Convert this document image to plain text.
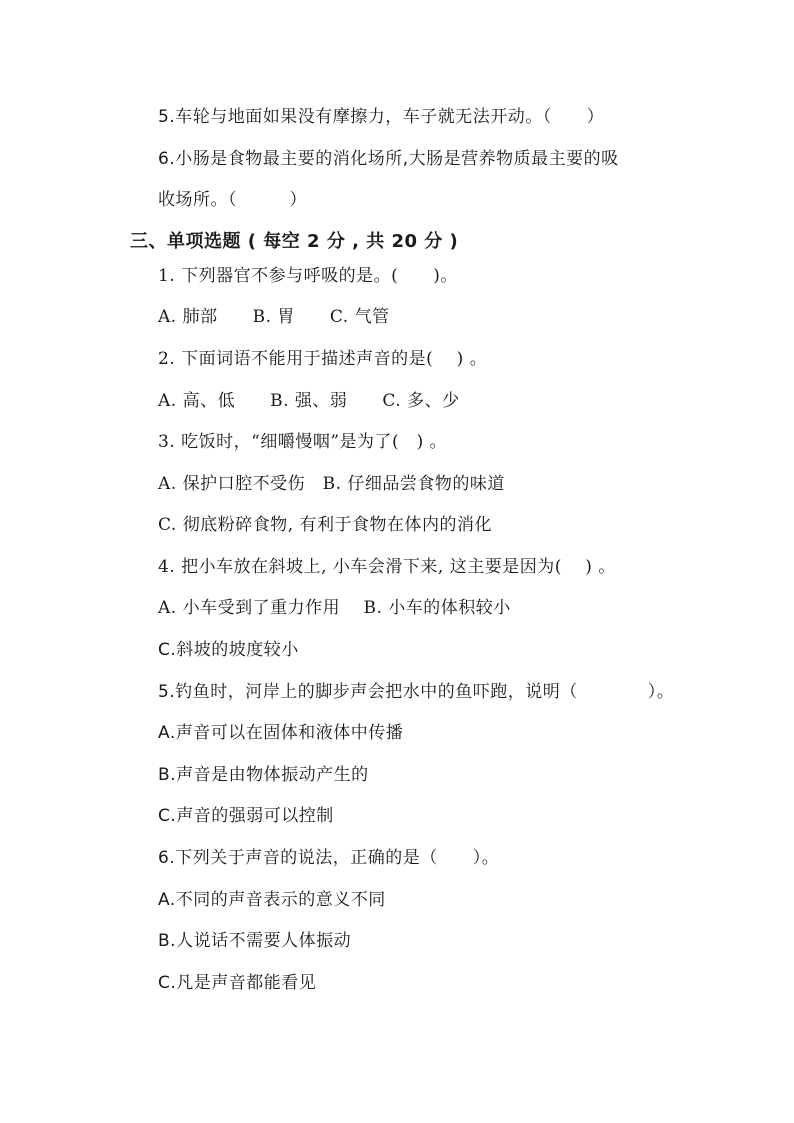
5.车轮与地面如果没有摩擦力，车子就无法开动。（　　）
6.小肠是食物最主要的消化场所,大肠是营养物质最主要的吸
收场所。（　　　）
三、单项选题 ( 每空 2 分 , 共 20 分 )
1. 下列器官不参与呼吸的是。(　　)。
A. 肺部　　B. 胃　　C. 气管
2. 下面词语不能用于描述声音的是(　 ) 。
A. 高、低　　B. 强、弱　　C. 多、少
3. 吃饭时，“细嚼慢咽”是为了(　) 。
A. 保护口腔不受伤　B. 仔细品尝食物的味道
C. 彻底粉碎食物, 有利于食物在体内的消化
4. 把小车放在斜坡上, 小车会滑下来, 这主要是因为(　 ) 。
A. 小车受到了重力作用　 B. 小车的体积较小
C.斜坡的坡度较小
5.钓鱼时，河岸上的脚步声会把水中的鱼吓跑，说明（　　　　）。
A.声音可以在固体和液体中传播
B.声音是由物体振动产生的
C.声音的强弱可以控制
6.下列关于声音的说法，正确的是（　　）。
A.不同的声音表示的意义不同
B.人说话不需要人体振动
C.凡是声音都能看见
